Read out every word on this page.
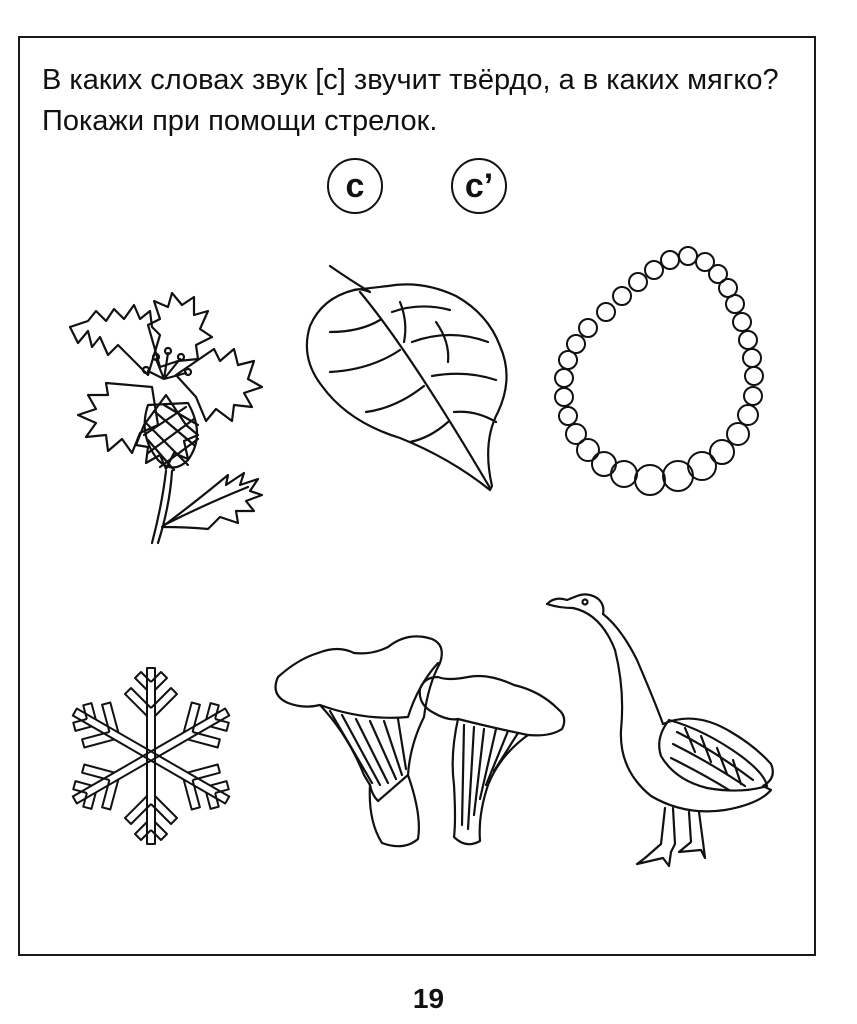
В каких словах звук [с] звучит твёрдо, а в каких мягко? Покажи при помощи стрелок.
с	с’
19
